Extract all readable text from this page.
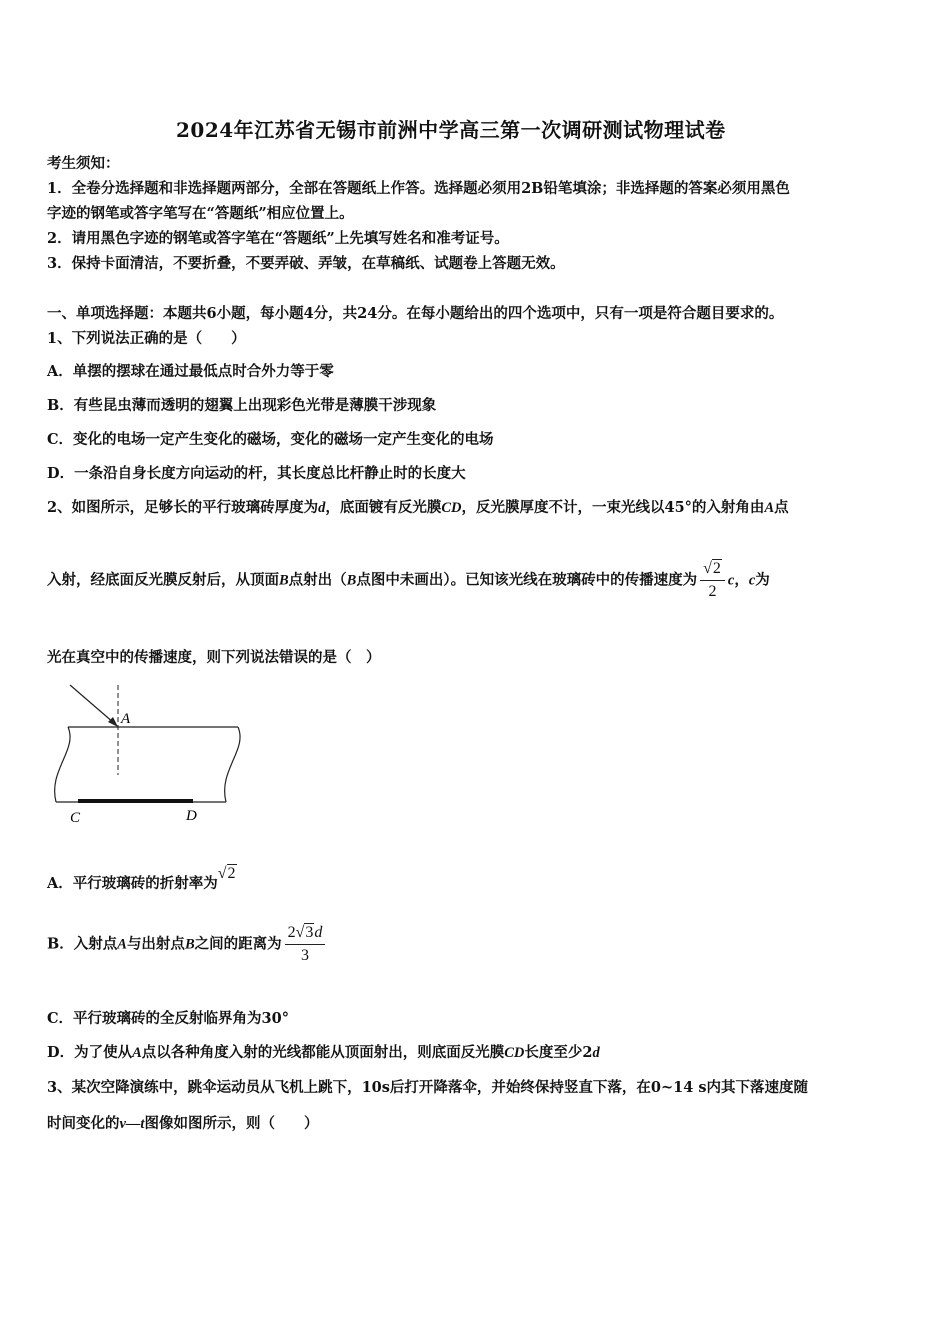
2024年江苏省无锡市前洲中学高三第一次调研测试物理试卷
考生须知：
1．全卷分选择题和非选择题两部分，全部在答题纸上作答。选择题必须用2B铅笔填涂；非选择题的答案必须用黑色
字迹的钢笔或答字笔写在“答题纸”相应位置上。
2．请用黑色字迹的钢笔或答字笔在“答题纸”上先填写姓名和准考证号。
3．保持卡面清洁，不要折叠，不要弄破、弄皱，在草稿纸、试题卷上答题无效。
一、单项选择题：本题共6小题，每小题4分，共24分。在每小题给出的四个选项中，只有一项是符合题目要求的。
1、下列说法正确的是（　　）
A．单摆的摆球在通过最低点时合外力等于零
B．有些昆虫薄而透明的翅翼上出现彩色光带是薄膜干涉现象
C．变化的电场一定产生变化的磁场，变化的磁场一定产生变化的电场
D．一条沿自身长度方向运动的杆，其长度总比杆静止时的长度大
2、如图所示，足够长的平行玻璃砖厚度为d，底面镀有反光膜CD，反光膜厚度不计，一束光线以45°的入射角由A点
入射，经底面反光膜反射后，从顶面B点射出（B点图中未画出）。已知该光线在玻璃砖中的传播速度为 $\frac{√2}{2}$ c，c为
光在真空中的传播速度，则下列说法错误的是（　）
A
C	D
A．平行玻璃砖的折射率为√2
B．入射点A与出射点B之间的距离为 $\frac{2√3d}{3}$
C．平行玻璃砖的全反射临界角为30°
D．为了使从A点以各种角度入射的光线都能从顶面射出，则底面反光膜CD长度至少2d
3、某次空降演练中，跳伞运动员从飞机上跳下，10s后打开降落伞，并始终保持竖直下落，在0~14 s内其下落速度随
时间变化的v—t图像如图所示，则（　　）
